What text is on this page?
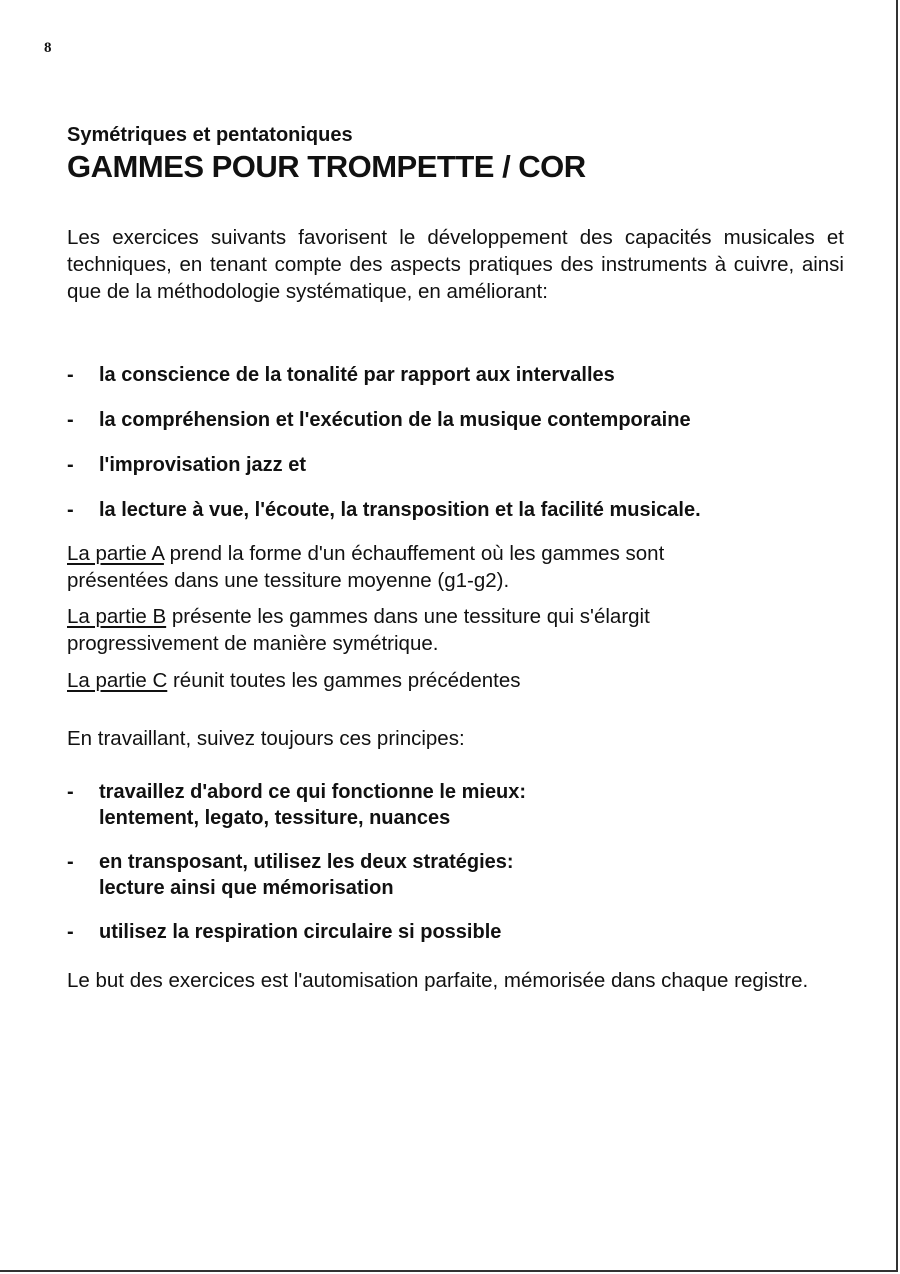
8

Symétriques et pentatoniques

GAMMES POUR TROMPETTE / COR

Les exercices suivants favorisent le développement des capacités musicales et techniques, en tenant compte des aspects pratiques des instruments à cuivre, ainsi que de la méthodologie systématique, en améliorant:

- la conscience de la tonalité par rapport aux intervalles
- la compréhension et l'exécution de la musique contemporaine
- l'improvisation jazz et
- la lecture à vue, l'écoute, la transposition et la facilité musicale.

La partie A prend la forme d'un échauffement où les gammes sont
présentées dans une tessiture moyenne (g1-g2).

La partie B présente les gammes dans une tessiture qui s'élargit
progressivement de manière symétrique.

La partie C réunit toutes les gammes précédentes

En travaillant, suivez toujours ces principes:

- travaillez d'abord ce qui fonctionne le mieux:
lentement, legato, tessiture, nuances
- en transposant, utilisez les deux stratégies:
lecture ainsi que mémorisation
- utilisez la respiration circulaire si possible

Le but des exercices est l'automisation parfaite, mémorisée dans chaque registre.
